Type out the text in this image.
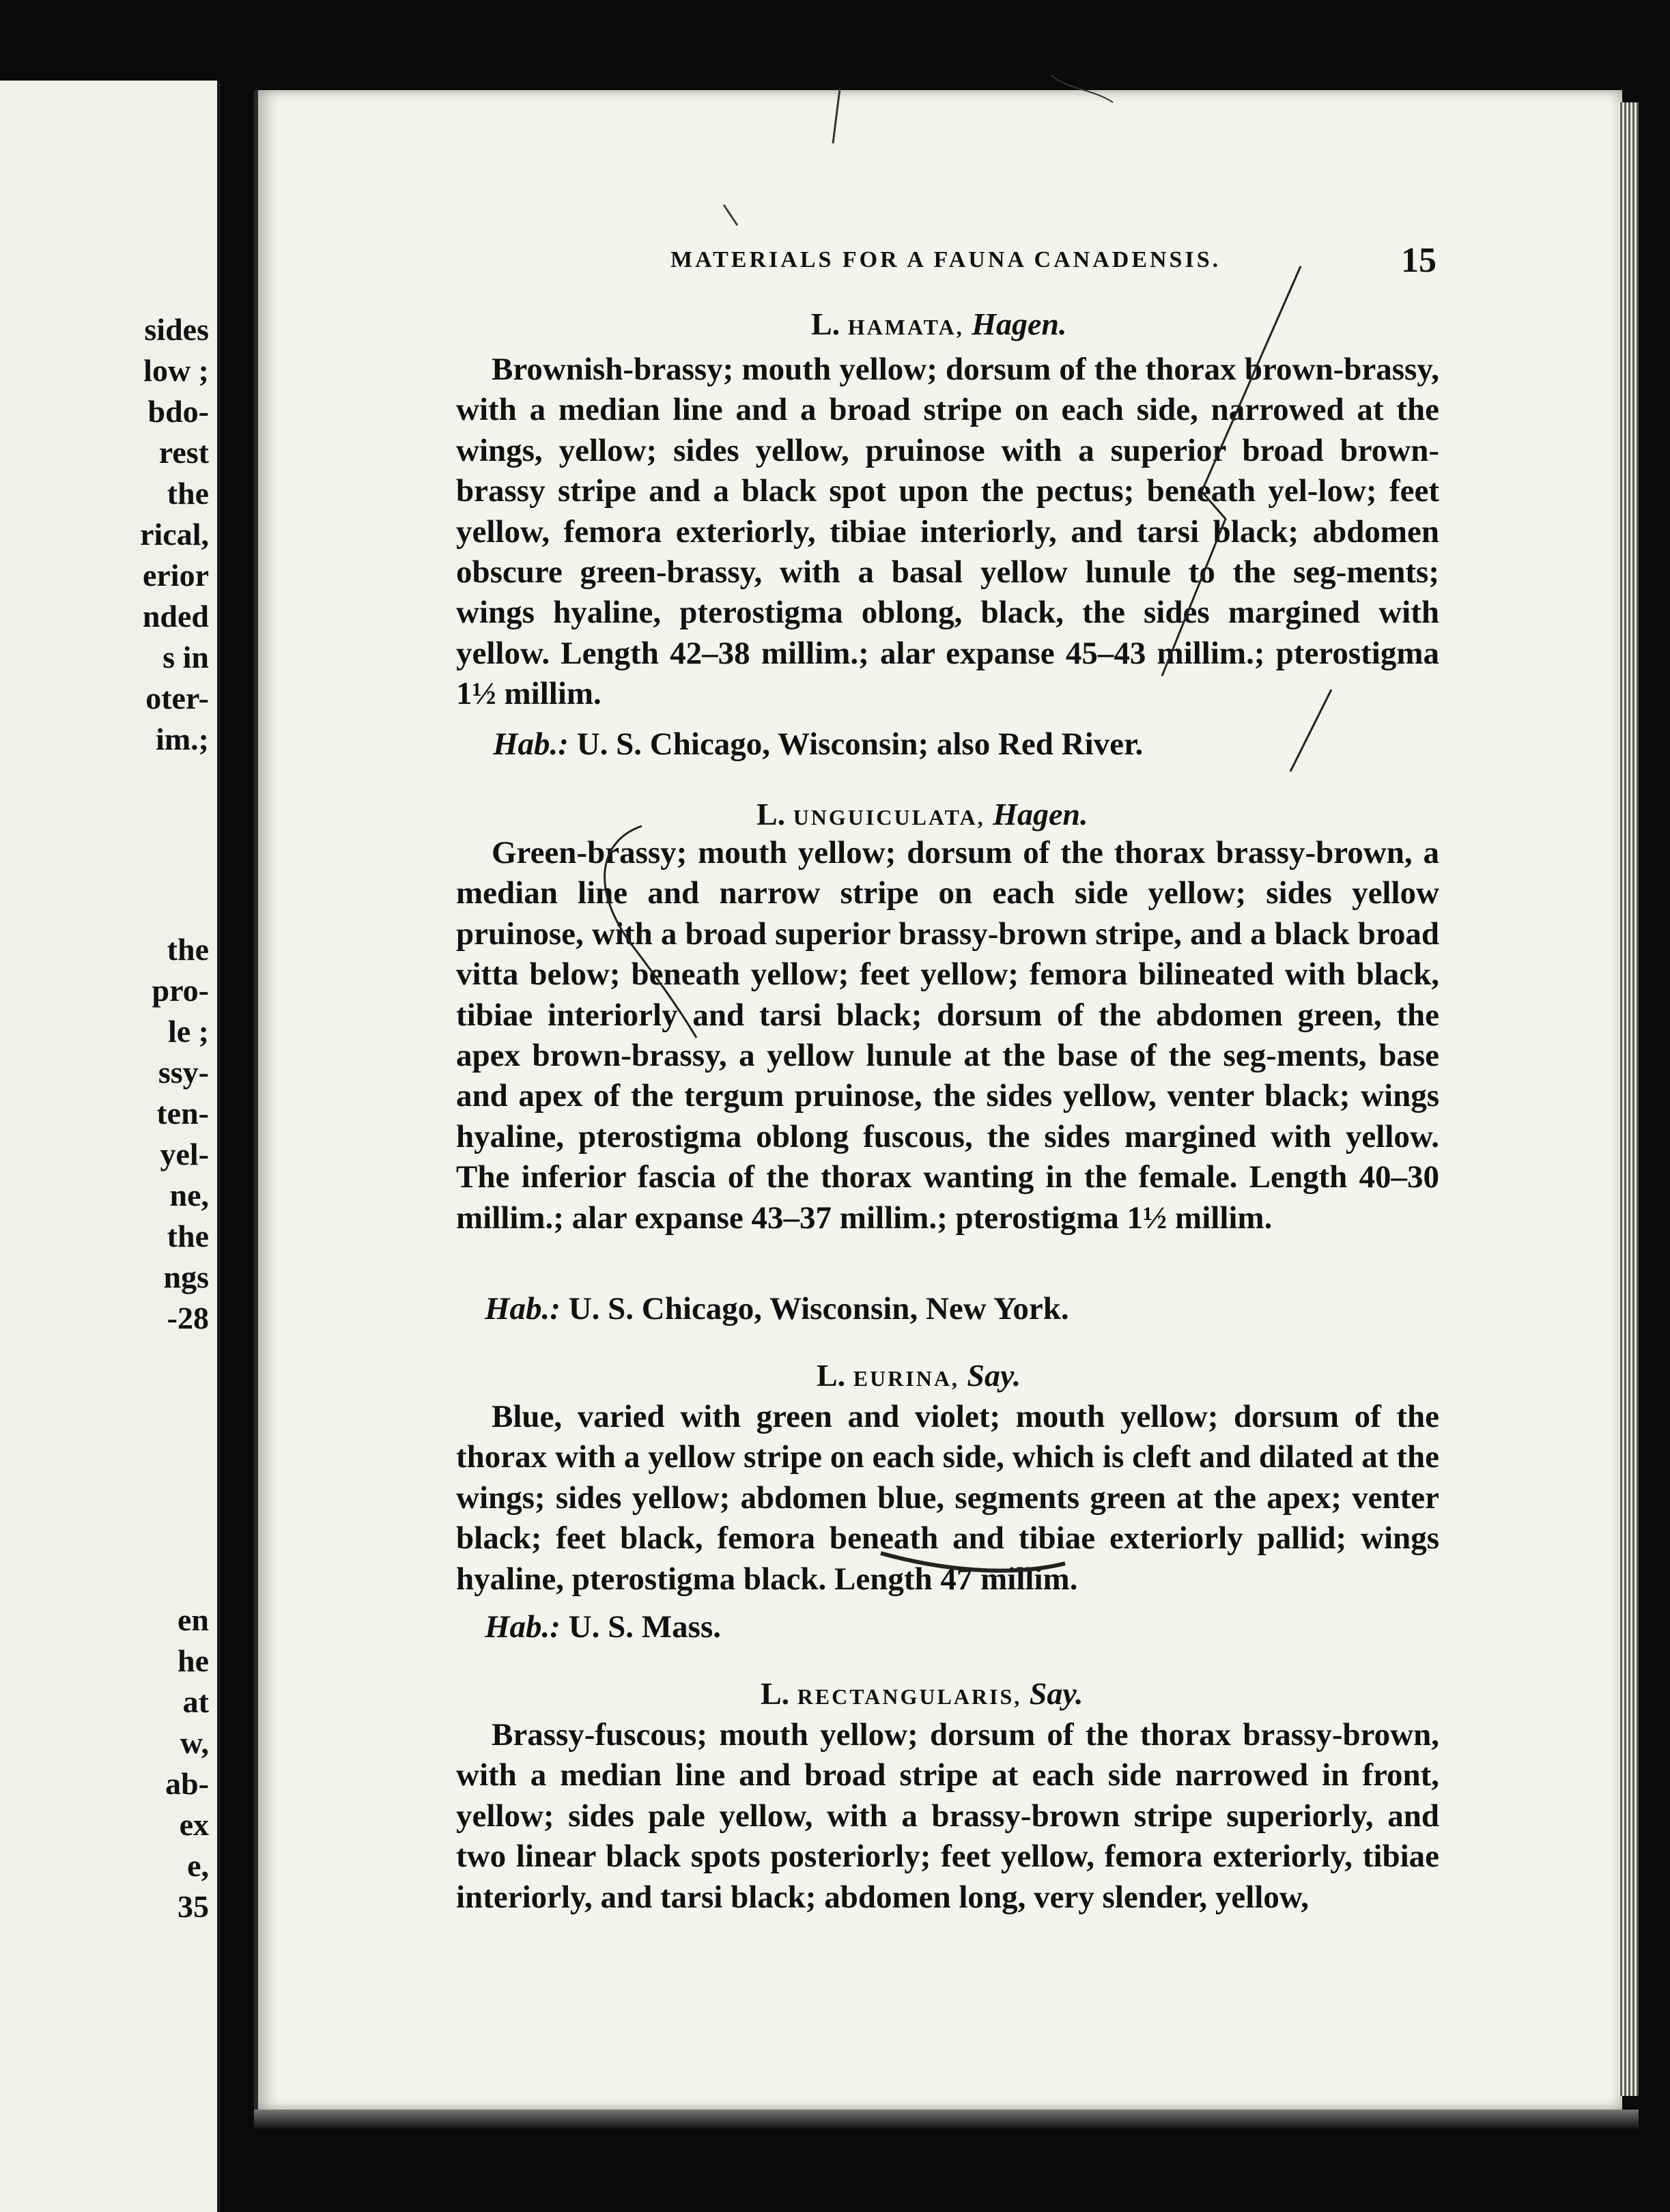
sides
low ;
bdo-
rest
the
rical,
erior
nded
s in
oter-
im.;
the
pro-
le ;
ssy-
ten-
yel-
ne,
the
ngs
-28
en
he
at
w,
ab-
ex
e,
35
MATERIALS FOR A FAUNA CANADENSIS.	15
L. HAMATA, Hagen.

Brownish-brassy; mouth yellow; dorsum of the thorax brown-brassy, with a median line and a broad stripe on each side, narrowed at the wings, yellow; sides yellow, pruinose with a superior broad brown-brassy stripe and a black spot upon the pectus; beneath yel-low; feet yellow, femora exteriorly, tibiae interiorly, and tarsi black; abdomen obscure green-brassy, with a basal yellow lunule to the seg-ments; wings hyaline, pterostigma oblong, black, the sides margined with yellow. Length 42–38 millim.; alar expanse 45–43 millim.; pterostigma 1½ millim.

Hab.: U. S. Chicago, Wisconsin; also Red River.
L. UNGUICULATA, Hagen.

Green-brassy; mouth yellow; dorsum of the thorax brassy-brown, a median line and narrow stripe on each side yellow; sides yellow pruinose, with a broad superior brassy-brown stripe, and a black broad vitta below; beneath yellow; feet yellow; femora bilineated with black, tibiae interiorly and tarsi black; dorsum of the abdomen green, the apex brown-brassy, a yellow lunule at the base of the seg-ments, base and apex of the tergum pruinose, the sides yellow, venter black; wings hyaline, pterostigma oblong fuscous, the sides margined with yellow. The inferior fascia of the thorax wanting in the female. Length 40–30 millim.; alar expanse 43–37 millim.; pterostigma 1½ millim.

Hab.: U. S. Chicago, Wisconsin, New York.
L. EURINA, Say.

Blue, varied with green and violet; mouth yellow; dorsum of the thorax with a yellow stripe on each side, which is cleft and dilated at the wings; sides yellow; abdomen blue, segments green at the apex; venter black; feet black, femora beneath and tibiae exteriorly pallid; wings hyaline, pterostigma black. Length 47 millim.

Hab.: U. S. Mass.
L. RECTANGULARIS, Say.

Brassy-fuscous; mouth yellow; dorsum of the thorax brassy-brown, with a median line and broad stripe at each side narrowed in front, yellow; sides pale yellow, with a brassy-brown stripe superiorly, and two linear black spots posteriorly; feet yellow, femora exteriorly, tibiae interiorly, and tarsi black; abdomen long, very slender, yellow,
